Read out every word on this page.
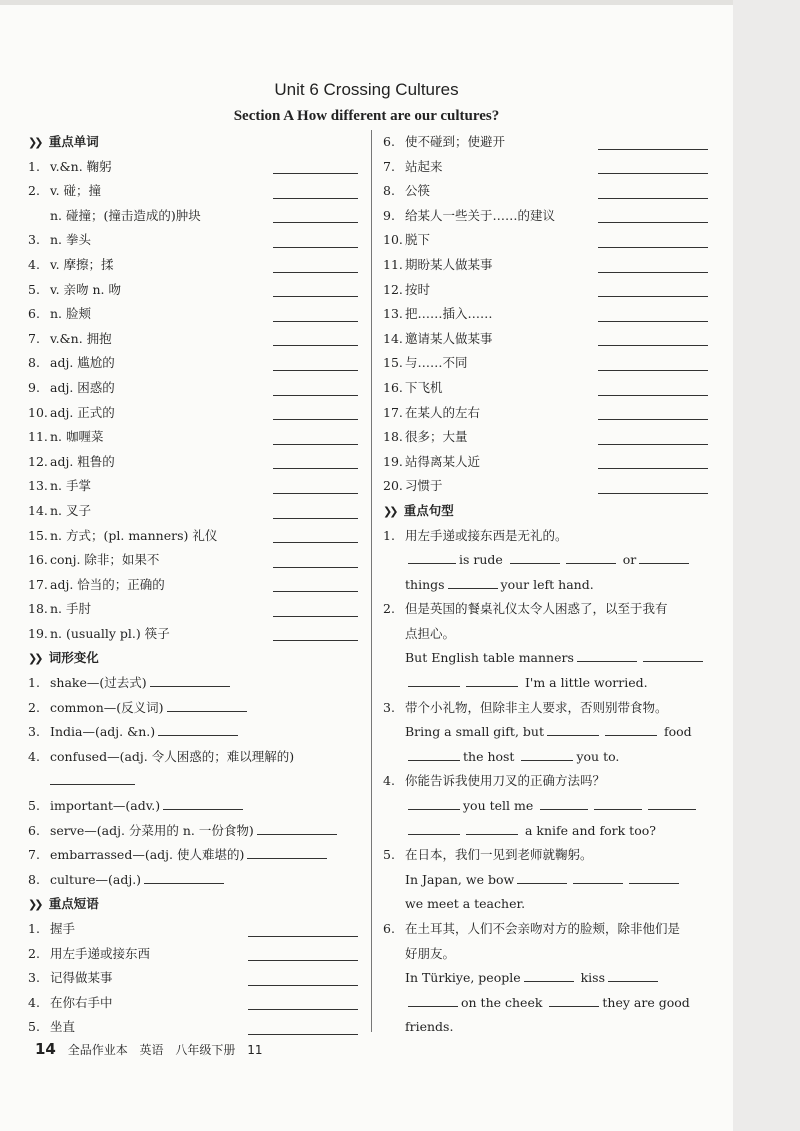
Unit 6 Crossing Cultures
Section A How different are our cultures?
❯❯ 重点单词
1. v.&n. 鞠躬
2. v. 碰；撞
n. 碰撞；(撞击造成的)肿块
3. n. 拳头
4. v. 摩擦；揉
5. v. 亲吻 n. 吻
6. n. 脸颊
7. v.&n. 拥抱
8. adj. 尴尬的
9. adj. 困惑的
10. adj. 正式的
11. n. 咖喱菜
12. adj. 粗鲁的
13. n. 手掌
14. n. 叉子
15. n. 方式；(pl. manners) 礼仪
16. conj. 除非；如果不
17. adj. 恰当的；正确的
18. n. 手肘
19. n. (usually pl.) 筷子
❯❯ 词形变化
1. shake—(过去式)
2. common—(反义词)
3. India—(adj. &n.)
4. confused—(adj. 令人困惑的；难以理解的)
5. important—(adv.)
6. serve—(adj. 分菜用的 n. 一份食物)
7. embarrassed—(adj. 使人难堪的)
8. culture—(adj.)
❯❯ 重点短语
1. 握手
2. 用左手递或接东西
3. 记得做某事
4. 在你右手中
5. 坐直
6. 使不碰到；使避开
7. 站起来
8. 公筷
9. 给某人一些关于……的建议
10. 脱下
11. 期盼某人做某事
12. 按时
13. 把……插入……
14. 邀请某人做某事
15. 与……不同
16. 下飞机
17. 在某人的左右
18. 很多；大量
19. 站得离某人近
20. 习惯于
❯❯ 重点句型
1. 用左手递或接东西是无礼的。
is rude	or
things	your left hand.
2. 但是英国的餐桌礼仪太令人困惑了，以至于我有
点担心。
But English table manners
I'm a little worried.
3. 带个小礼物，但除非主人要求，否则别带食物。
Bring a small gift, but	food
the host	you to.
4. 你能告诉我使用刀叉的正确方法吗？
you tell me
a knife and fork too?
5. 在日本，我们一见到老师就鞠躬。
In Japan, we bow
we meet a teacher.
6. 在土耳其，人们不会亲吻对方的脸颊，除非他们是
好朋友。
In Türkiye, people	kiss
on the cheek	they are good
friends.
14 全品作业本 英语 八年级下册 11
